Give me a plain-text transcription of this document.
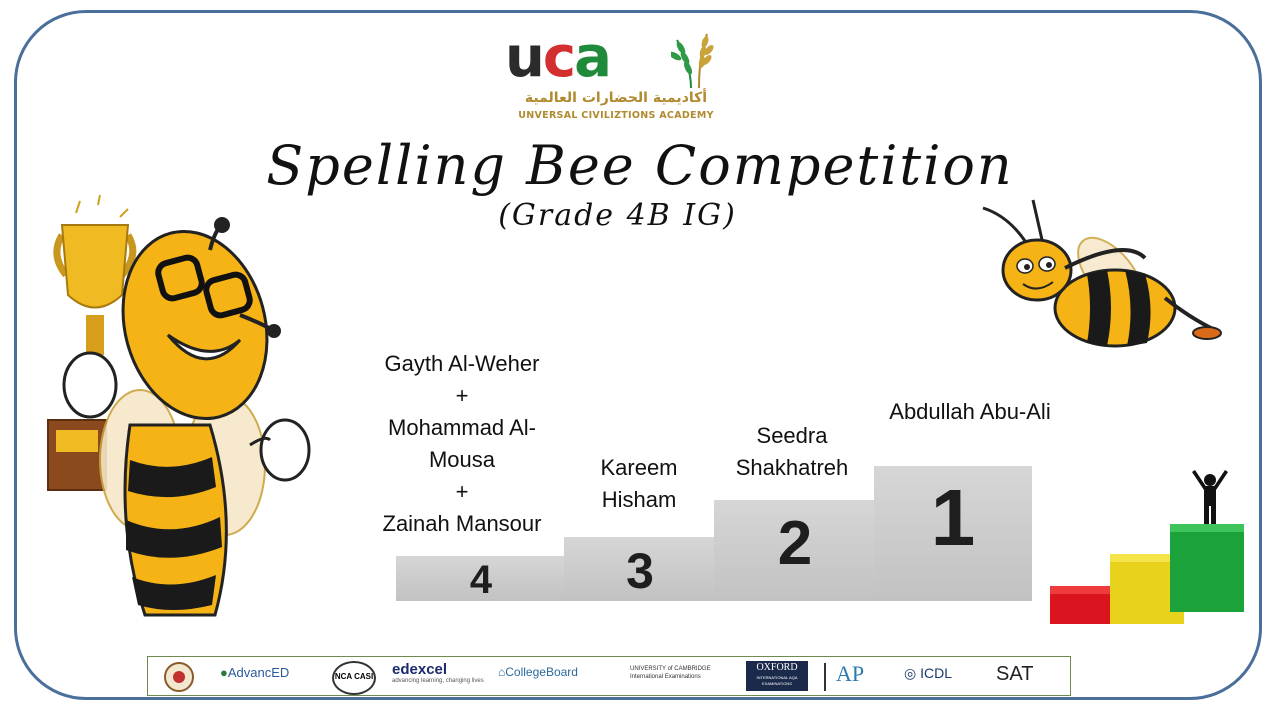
uca
أكاديمية الحضارات العالمية
UNVERSAL CIVILIZTIONS ACADEMY
Spelling Bee Competition
(Grade 4B IG)
4	3	2	1
Abdullah Abu-Ali
Seedra
Shakhatreh
Kareem
Hisham
Gayth Al-Weher
+
Mohammad Al-
Mousa
+
Zainah Mansour
●AdvancED	NCA CASI edexcel
advancing learning, changing lives
⌂CollegeBoard	UNIVERSITY of CAMBRIDGE
International Examinations
OXFORD
INTERNATIONAL AQA EXAMINATIONS	AP	◎ ICDL SAT
